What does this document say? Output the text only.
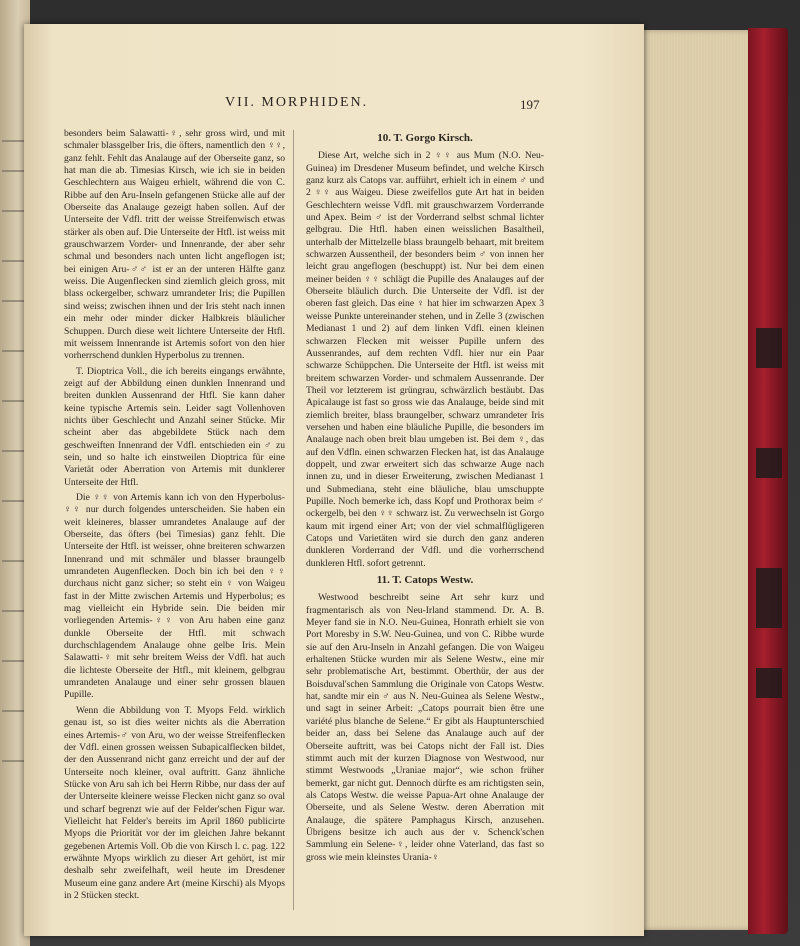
VII. MORPHIDEN.	197

besonders beim Salawatti-♀, sehr gross wird, und mit schmaler blassgelber Iris, die öfters, namentlich den ♀♀, ganz fehlt. Fehlt das Analauge auf der Oberseite ganz, so hat man die ab. Timesias Kirsch, wie ich sie in beiden Geschlechtern aus Waigeu erhielt, während die von C. Ribbe auf den Aru-Inseln gefangenen Stücke alle auf der Oberseite das Analauge gezeigt haben sollen. Auf der Unterseite der Vdfl. tritt der weisse Streifenwisch etwas stärker als oben auf. Die Unterseite der Htfl. ist weiss mit grauschwarzem Vorder- und Innenrande, der aber sehr schmal und besonders nach unten licht angeflogen ist; bei einigen Aru-♂♂ ist er an der unteren Hälfte ganz weiss. Die Augenflecken sind ziemlich gleich gross, mit blass ockergelber, schwarz umrandeter Iris; die Pupillen sind weiss; zwischen ihnen und der Iris steht nach innen ein mehr oder minder dicker Halbkreis bläulicher Schuppen. Durch diese weit lichtere Unterseite der Htfl. mit weissem Innenrande ist Artemis sofort von den hier vorherrschend dunklen Hyperbolus zu trennen.

T. Dioptrica Voll., die ich bereits eingangs erwähnte, zeigt auf der Abbildung einen dunklen Innenrand und breiten dunklen Aussenrand der Htfl. Sie kann daher keine typische Artemis sein. Leider sagt Vollenhoven nichts über Geschlecht und Anzahl seiner Stücke. Mir scheint aber das abgebildete Stück nach dem geschweiften Innenrand der Vdfl. entschieden ein ♂ zu sein, und so halte ich einstweilen Dioptrica für eine Varietät oder Aberration von Artemis mit dunklerer Unterseite der Htfl.

Die ♀♀ von Artemis kann ich von den Hyperbolus-♀♀ nur durch folgendes unterscheiden. Sie haben ein weit kleineres, blasser umrandetes Analauge auf der Oberseite, das öfters (bei Timesias) ganz fehlt. Die Unterseite der Htfl. ist weisser, ohne breiteren schwarzen Innenrand und mit schmäler und blasser braungelb umrandeten Augenflecken. Doch bin ich bei den ♀♀ durchaus nicht ganz sicher; so steht ein ♀ von Waigeu fast in der Mitte zwischen Artemis und Hyperbolus; es mag vielleicht ein Hybride sein. Die beiden mir vorliegenden Artemis-♀♀ von Aru haben eine ganz dunkle Oberseite der Htfl. mit schwach durchschlagendem Analauge ohne gelbe Iris. Mein Salawatti-♀ mit sehr breitem Weiss der Vdfl. hat auch die lichteste Oberseite der Htfl., mit kleinem, gelbgrau umrandeten Analauge und einer sehr grossen blauen Pupille.

Wenn die Abbildung von T. Myops Feld. wirklich genau ist, so ist dies weiter nichts als die Aberration eines Artemis-♂ von Aru, wo der weisse Streifenflecken der Vdfl. einen grossen weissen Subapicalflecken bildet, der den Aussenrand nicht ganz erreicht und der auf der Unterseite noch kleiner, oval auftritt. Ganz ähnliche Stücke von Aru sah ich bei Herrn Ribbe, nur dass der auf der Unterseite kleinere weisse Flecken nicht ganz so oval und scharf begrenzt wie auf der Felder'schen Figur war. Vielleicht hat Felder's bereits im April 1860 publicirte Myops die Priorität vor der im gleichen Jahre bekannt gegebenen Artemis Voll. Ob die von Kirsch l. c. pag. 122 erwähnte Myops wirklich zu dieser Art gehört, ist mir deshalb sehr zweifelhaft, weil heute im Dresdener Museum eine ganz andere Art (meine Kirschi) als Myops in 2 Stücken steckt.

10. T. Gorgo Kirsch.

Diese Art, welche sich in 2 ♀♀ aus Mum (N.O. Neu-Guinea) im Dresdener Museum befindet, und welche Kirsch ganz kurz als Catops var. aufführt, erhielt ich in einem ♂ und 2 ♀♀ aus Waigeu. Diese zweifellos gute Art hat in beiden Geschlechtern weisse Vdfl. mit grauschwarzem Vorderrande und Apex. Beim ♂ ist der Vorderrand selbst schmal lichter gelbgrau. Die Htfl. haben einen weisslichen Basaltheil, unterhalb der Mittelzelle blass braungelb behaart, mit breitem schwarzen Aussentheil, der besonders beim ♂ von innen her leicht grau angeflogen (beschuppt) ist. Nur bei dem einen meiner beiden ♀♀ schlägt die Pupille des Analauges auf der Oberseite bläulich durch. Die Unterseite der Vdfl. ist der oberen fast gleich. Das eine ♀ hat hier im schwarzen Apex 3 weisse Punkte untereinander stehen, und in Zelle 3 (zwischen Medianast 1 und 2) auf dem linken Vdfl. einen kleinen schwarzen Flecken mit weisser Pupille unfern des Aussenrandes, auf dem rechten Vdfl. hier nur ein Paar schwarze Schüppchen. Die Unterseite der Htfl. ist weiss mit breitem schwarzen Vorder- und schmalem Aussenrande. Der Theil vor letzterem ist grüngrau, schwärzlich bestäubt. Das Apicalauge ist fast so gross wie das Analauge, beide sind mit ziemlich breiter, blass braungelber, schwarz umrandeter Iris versehen und haben eine bläuliche Pupille, die besonders im Analauge nach oben breit blau umgeben ist. Bei dem ♀, das auf den Vdfln. einen schwarzen Flecken hat, ist das Analauge doppelt, und zwar erweitert sich das schwarze Auge nach innen zu, und in dieser Erweiterung, zwischen Medianast 1 und Submediana, steht eine bläuliche, blau umschuppte Pupille. Noch bemerke ich, dass Kopf und Prothorax beim ♂ ockergelb, bei den ♀♀ schwarz ist. Zu verwechseln ist Gorgo kaum mit irgend einer Art; von der viel schmalflügligeren Catops und Varietäten wird sie durch den ganz anderen dunkleren Vorderrand der Vdfl. und die vorherrschend dunkleren Htfl. sofort getrennt.

11. T. Catops Westw.

Westwood beschreibt seine Art sehr kurz und fragmentarisch als von Neu-Irland stammend. Dr. A. B. Meyer fand sie in N.O. Neu-Guinea, Honrath erhielt sie von Port Moresby in S.W. Neu-Guinea, und von C. Ribbe wurde sie auf den Aru-Inseln in Anzahl gefangen. Die von Waigeu erhaltenen Stücke wurden mir als Selene Westw., eine mir sehr problematische Art, bestimmt. Oberthür, der aus der Boisduval'schen Sammlung die Originale von Catops Westw. hat, sandte mir ein ♂ aus N. Neu-Guinea als Selene Westw., und sagt in seiner Arbeit: „Catops pourrait bien être une variété plus blanche de Selene.“ Er gibt als Hauptunterschied beider an, dass bei Selene das Analauge auch auf der Oberseite auftritt, was bei Catops nicht der Fall ist. Dies stimmt auch mit der kurzen Diagnose von Westwood, nur stimmt Westwoods „Uraniae major“, wie schon früher bemerkt, gar nicht gut. Dennoch dürfte es am richtigsten sein, als Catops Westw. die weisse Papua-Art ohne Analauge der Oberseite, und als Selene Westw. deren Aberration mit Analauge, die spätere Pamphagus Kirsch, anzusehen. Übrigens besitze ich auch aus der v. Schenck'schen Sammlung ein Selene-♀, leider ohne Vaterland, das fast so gross wie mein kleinstes Urania-♀
